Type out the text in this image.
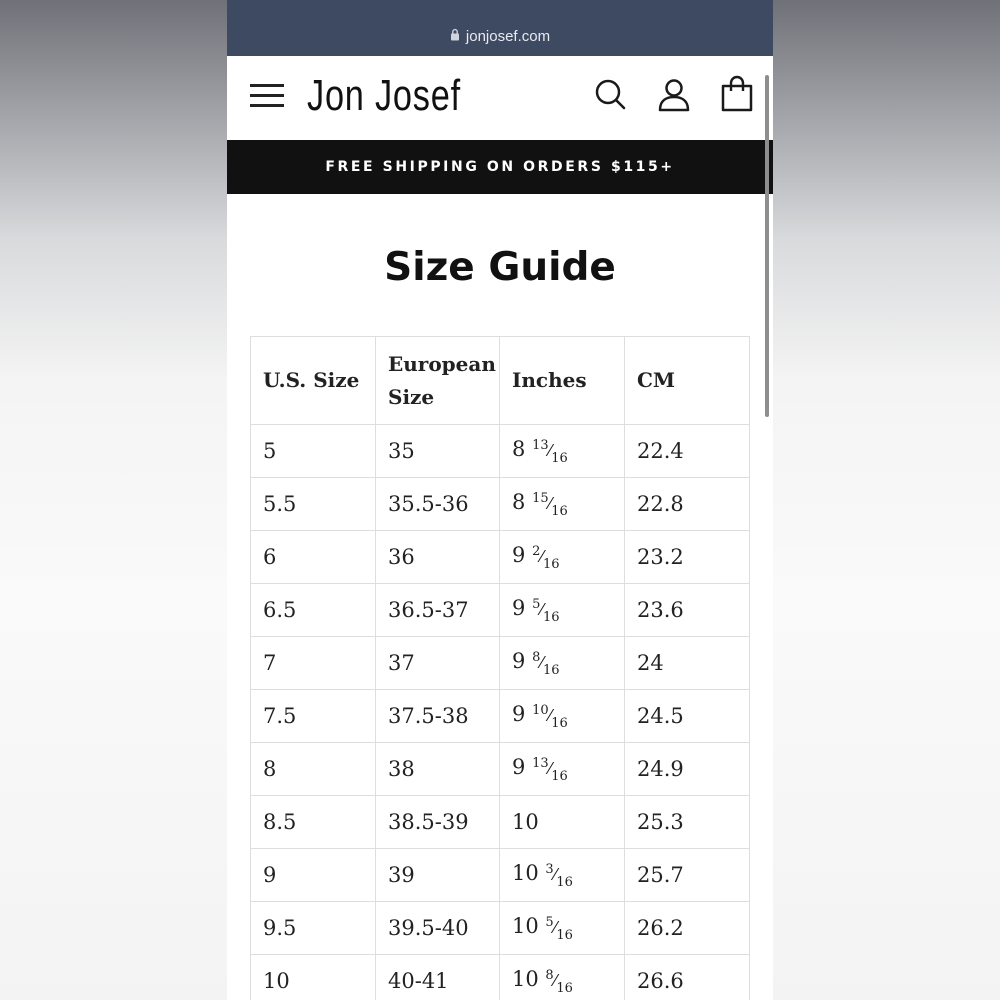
jonjosef.com
Jon Josef
FREE SHIPPING ON ORDERS $115+
Size Guide
U.S. Size	European Size	Inches	CM
5	35	8 $^{13}⁄_{16}$	22.4
5.5	35.5-36	8 $^{15}⁄_{16}$	22.8
6	36	9 $^2⁄_{16}$	23.2
6.5	36.5-37	9 $^5⁄_{16}$	23.6
7	37	9 $^8⁄_{16}$	24
7.5	37.5-38	9 $^{10}⁄_{16}$	24.5
8	38	9 $^{13}⁄_{16}$	24.9
8.5	38.5-39	10	25.3
9	39	10 $^3⁄_{16}$	25.7
9.5	39.5-40	10 $^5⁄_{16}$	26.2
10	40-41	10 $^8⁄_{16}$	26.6
